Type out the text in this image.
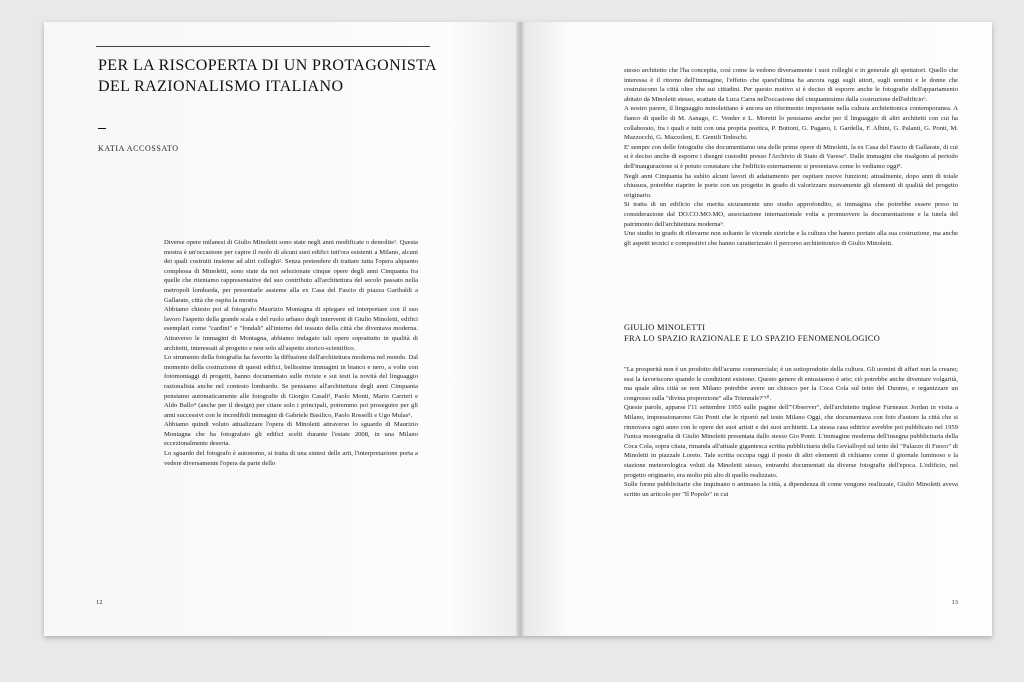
PER LA RISCOPERTA DI UN PROTAGONISTA
DEL RAZIONALISMO ITALIANO
KATIA ACCOSSATO

Diverse opere milanesi di Giulio Minoletti sono state negli anni modificate o demolite¹. Questa mostra è un'occasione per capire il ruolo di alcuni suoi edifici tutt'ora esistenti a Milano, alcuni dei quali costruiti insieme ad altri colleghi². Senza pretendere di trattare tutta l'opera alquanto complessa di Minoletti, sono state da noi selezionate cinque opere degli anni Cinquanta fra quelle che riteniamo rappresentative del suo contributo all'architettura del secolo passato nella metropoli lombarda, per presentarle assieme alla ex Casa del Fascio di piazza Garibaldi a Gallarate, città che ospita la mostra.

Abbiamo chiesto poi al fotografo Maurizio Montagna di spiegare ed interpretare con il suo lavoro l'aspetto della grande scala e del ruolo urbano degli interventi di Giulio Minoletti, edifici esemplari come "cardini" e "fondali" all'interno del tessuto della città che diventava moderna. Attraverso le immagini di Montagna, abbiamo indagato tali opere soprattutto in qualità di architetti, interessati al progetto e non solo all'aspetto storico-scientifico.

Lo strumento della fotografia ha favorito la diffusione dell'architettura moderna nel mondo. Dal momento della costruzione di questi edifici, bellissime immagini in bianco e nero, a volte con fotomontaggi di progetti, hanno documentato sulle riviste e sui testi la novità del linguaggio razionalista anche nel contesto lombardo. Se pensiamo all'architettura degli anni Cinquanta pensiamo automaticamente alle fotografie di Giorgio Casali³, Paolo Monti, Mario Carrieri e Aldo Ballo⁴ (anche per il design) per citare solo i principali, potremmo poi proseguire per gli anni successivi con le incredibili immagini di Gabriele Basilico, Paolo Rosselli e Ugo Mulas⁵.

Abbiamo quindi voluto attualizzare l'opera di Minoletti attraverso lo sguardo di Maurizio Montagna che ha fotografato gli edifici scelti durante l'estate 2008, in una Milano eccezionalmente deserta.

Lo sguardo del fotografo è autonomo, si tratta di una sintesi delle arti, l'interpretazione porta a vedere diversamente l'opera da parte dello

12

stesso architetto che l'ha concepita, così come la vedono diversamente i suoi colleghi e in generale gli spettatori. Quello che interessa è il ritorno dell'immagine, l'effetto che quest'ultima ha ancora oggi sugli attori, sugli uomini e le donne che costruiscono la città oltre che sui cittadini. Per questo motivo si è deciso di esporre anche le fotografie dell'appartamento abitato da Minoletti stesso, scattate da Luca Carra nell'occasione del cinquantesimo dalla costruzione dell'edificio⁶.

A nostro parere, il linguaggio minolettiano è ancora un riferimento importante nella cultura architettonica contemporanea. A fianco di quello di M. Asnago, C. Vender e L. Moretti lo pensiamo anche per il linguaggio di altri architetti con cui ha collaborato, fra i quali e tutti con una propria poetica, P. Bottoni, G. Pagano, I. Gardella, F. Albini, G. Palanti, G. Ponti, M. Mazzocchi, G. Mazzoleni, E. Gentili Tedeschi.

E' sempre con delle fotografie che documentiamo una delle prime opere di Minoletti, la ex Casa del Fascio di Gallarate, di cui si è deciso anche di esporre i disegni custoditi presso l'Archivio di Stato di Varese⁷. Dalle immagini che risalgono al periodo dell'inaugurazione si è potuto constatare che l'edificio esternamente si presentava come lo vediamo oggi⁸.

Negli anni Cinquanta ha subìto alcuni lavori di adattamento per ospitare nuove funzioni; attualmente, dopo anni di totale chiusura, potrebbe riaprire le porte con un progetto in grado di valorizzare nuovamente gli elementi di qualità del progetto originario.

Si tratta di un edificio che merita sicuramente uno studio approfondito, si immagina che potrebbe essere preso in considerazione dal DO.CO.MO.MO, associazione internazionale volta a promuovere la documentazione e la tutela del patrimonio dell'architettura moderna⁹.

Uno studio in grado di rilevarne non soltanto le vicende storiche e la cultura che hanno portato alla sua costruzione, ma anche gli aspetti tecnici e compositivi che hanno caratterizzato il percorso architettonico di Giulio Minoletti.

GIULIO MINOLETTI
FRA LO SPAZIO RAZIONALE E LO SPAZIO FENOMENOLOGICO

"La prosperità non è un prodotto dell'acume commerciale; è un sottoprodotto della cultura. Gli uomini di affari non la creano; essi la favoriscono quando le condizioni esistono. Questo genere di entusiasmo è arte; ciò potrebbe anche diventare volgarità, ma quale altra città se non Milano potrebbe avere un chiosco per la Coca Cola sul tetto del Duomo, e organizzare un congresso sulla "divina proporzione" alla Triennale?"¹⁰.

Queste parole, apparse l'11 settembre 1955 sulle pagine dell'"Observer", dell'architetto inglese Furneaux Jordan in visita a Milano, impressionarono Gio Ponti che le riportò nel testo Milano Oggi, che documentava con foto d'autore la città che si rinnovava ogni anno con le opere dei suoi artisti e dei suoi architetti. La stessa casa editrice avrebbe poi pubblicato nel 1959 l'unica monografia di Giulio Minoletti presentata dallo stesso Gio Ponti. L'immagine moderna dell'insegna pubblicitaria della Coca Cola, sopra citata, rimanda all'attuale gigantesca scritta pubblicitaria della Gevìalloyd sul tetto del "Palazzo di Fuoco" di Minoletti in piazzale Loreto. Tale scritta occupa oggi il posto di altri elementi di richiamo come il giornale luminoso e la stazione meteorologica voluti da Minoletti stesso, entrambi documentati da diverse fotografie dell'epoca. L'edificio, nel progetto originario, era molto più alto di quello realizzato.

Sulle forme pubblicitarie che inquinano o animano la città, a dipendenza di come vengono realizzate, Giulio Minoletti aveva scritto un articolo per "Il Popolo" in cui

13
